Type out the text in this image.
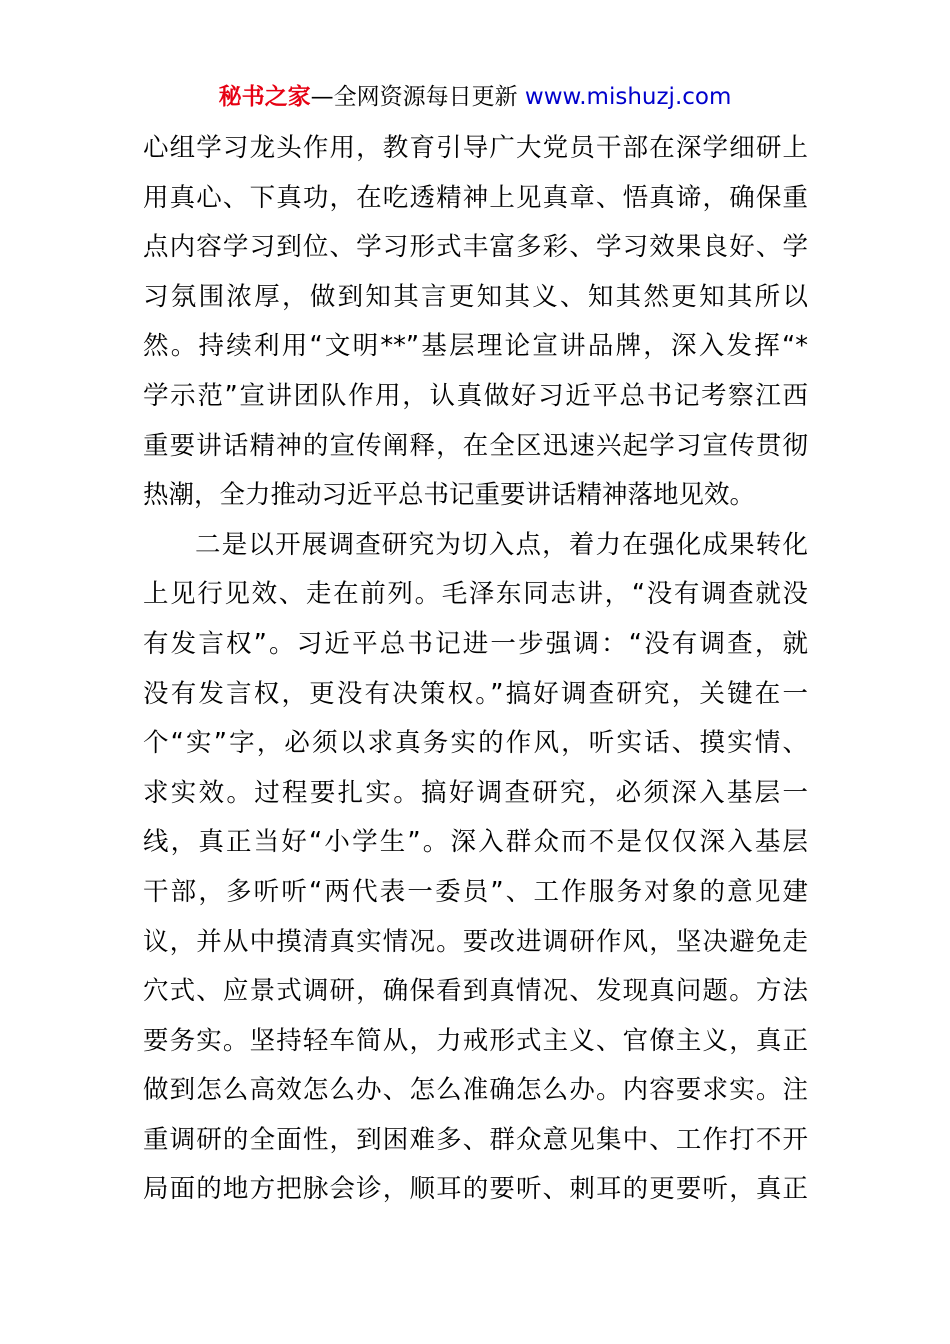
秘书之家—全网资源每日更新 www.mishuzj.com
心组学习龙头作用，教育引导广大党员干部在深学细研上
用真心、下真功，在吃透精神上见真章、悟真谛，确保重
点内容学习到位、学习形式丰富多彩、学习效果良好、学
习氛围浓厚，做到知其言更知其义、知其然更知其所以
然。持续利用“文明**”基层理论宣讲品牌，深入发挥“*
学示范”宣讲团队作用，认真做好习近平总书记考察江西
重要讲话精神的宣传阐释，在全区迅速兴起学习宣传贯彻
热潮，全力推动习近平总书记重要讲话精神落地见效。
二是以开展调查研究为切入点，着力在强化成果转化
上见行见效、走在前列。毛泽东同志讲，“没有调查就没
有发言权”。习近平总书记进一步强调：“没有调查，就
没有发言权，更没有决策权。”搞好调查研究，关键在一
个“实”字，必须以求真务实的作风，听实话、摸实情、
求实效。过程要扎实。搞好调查研究，必须深入基层一
线，真正当好“小学生”。深入群众而不是仅仅深入基层
干部，多听听“两代表一委员”、工作服务对象的意见建
议，并从中摸清真实情况。要改进调研作风，坚决避免走
穴式、应景式调研，确保看到真情况、发现真问题。方法
要务实。坚持轻车简从，力戒形式主义、官僚主义，真正
做到怎么高效怎么办、怎么准确怎么办。内容要求实。注
重调研的全面性，到困难多、群众意见集中、工作打不开
局面的地方把脉会诊，顺耳的要听、刺耳的更要听，真正
